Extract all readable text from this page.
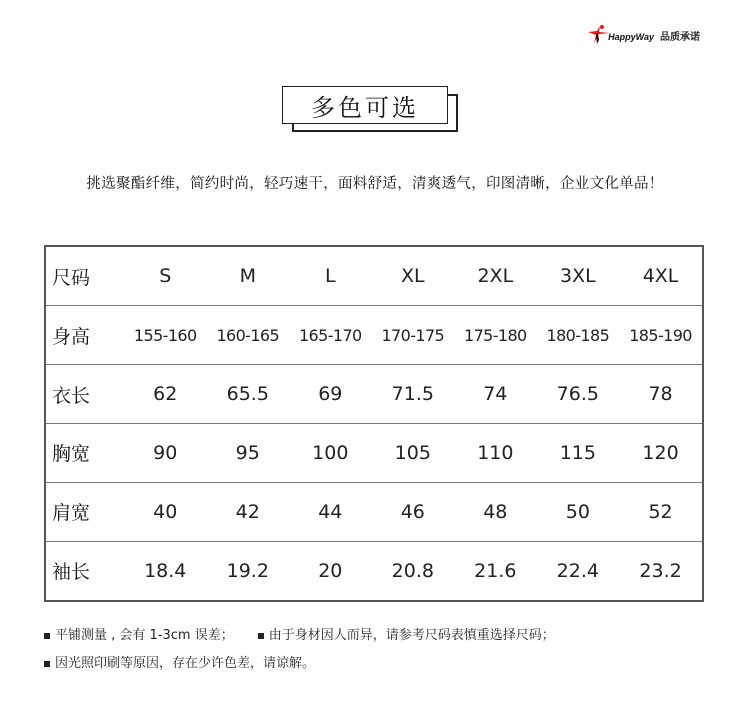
HappyWay 品质承诺
多色可选
挑选聚酯纤维，简约时尚，轻巧速干，面料舒适，清爽透气，印图清晰，企业文化单品！
尺码	S	M	L	XL	2XL	3XL	4XL
身高	155-160	160-165	165-170	170-175	175-180	180-185	185-190
衣长	62	65.5	69	71.5	74	76.5	78
胸宽	90	95	100	105	110	115	120
肩宽	40	42	44	46	48	50	52
袖长	18.4	19.2	20	20.8	21.6	22.4	23.2
平铺测量 , 会有 1-3cm 误差；	由于身材因人而异，请参考尺码表慎重选择尺码；
因光照印刷等原因，存在少许色差，请谅解。
